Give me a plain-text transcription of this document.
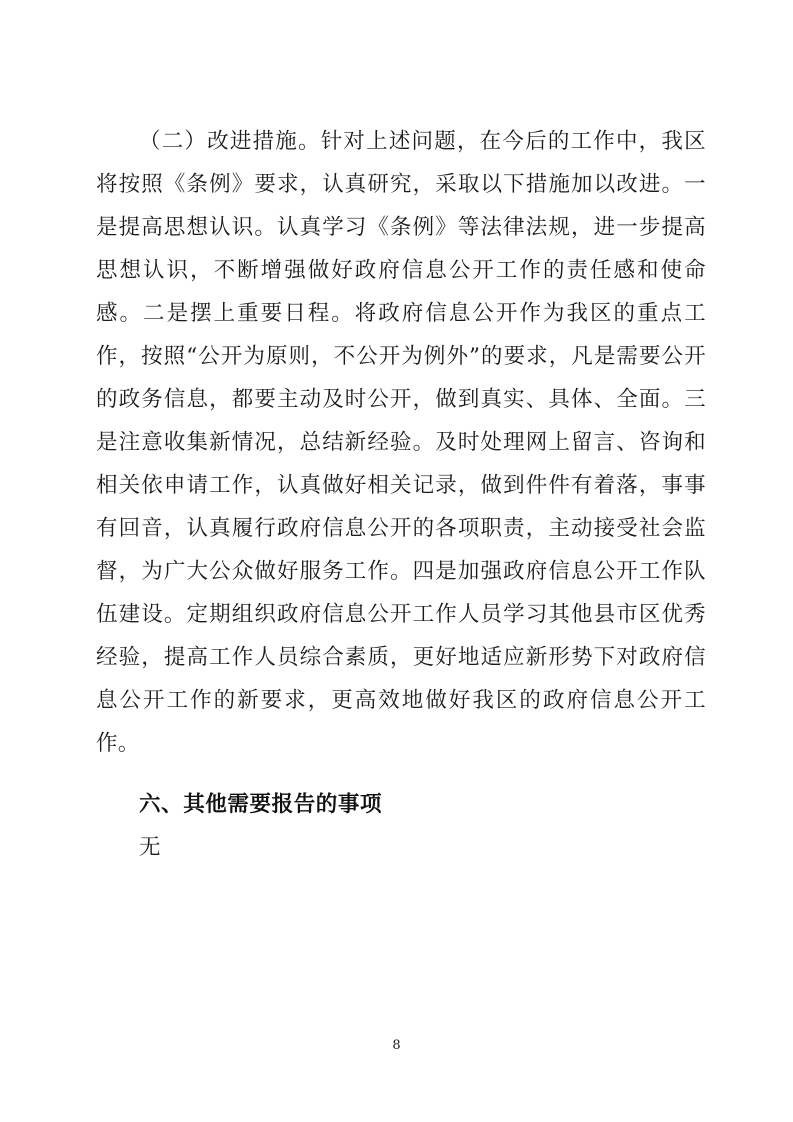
（二）改进措施。针对上述问题，在今后的工作中，我区将按照《条例》要求，认真研究，采取以下措施加以改进。一是提高思想认识。认真学习《条例》等法律法规，进一步提高思想认识，不断增强做好政府信息公开工作的责任感和使命感。二是摆上重要日程。将政府信息公开作为我区的重点工作，按照“公开为原则，不公开为例外”的要求，凡是需要公开的政务信息，都要主动及时公开，做到真实、具体、全面。三是注意收集新情况，总结新经验。及时处理网上留言、咨询和相关依申请工作，认真做好相关记录，做到件件有着落，事事有回音，认真履行政府信息公开的各项职责，主动接受社会监督，为广大公众做好服务工作。四是加强政府信息公开工作队伍建设。定期组织政府信息公开工作人员学习其他县市区优秀经验，提高工作人员综合素质，更好地适应新形势下对政府信息公开工作的新要求，更高效地做好我区的政府信息公开工作。

六、其他需要报告的事项

无

8
